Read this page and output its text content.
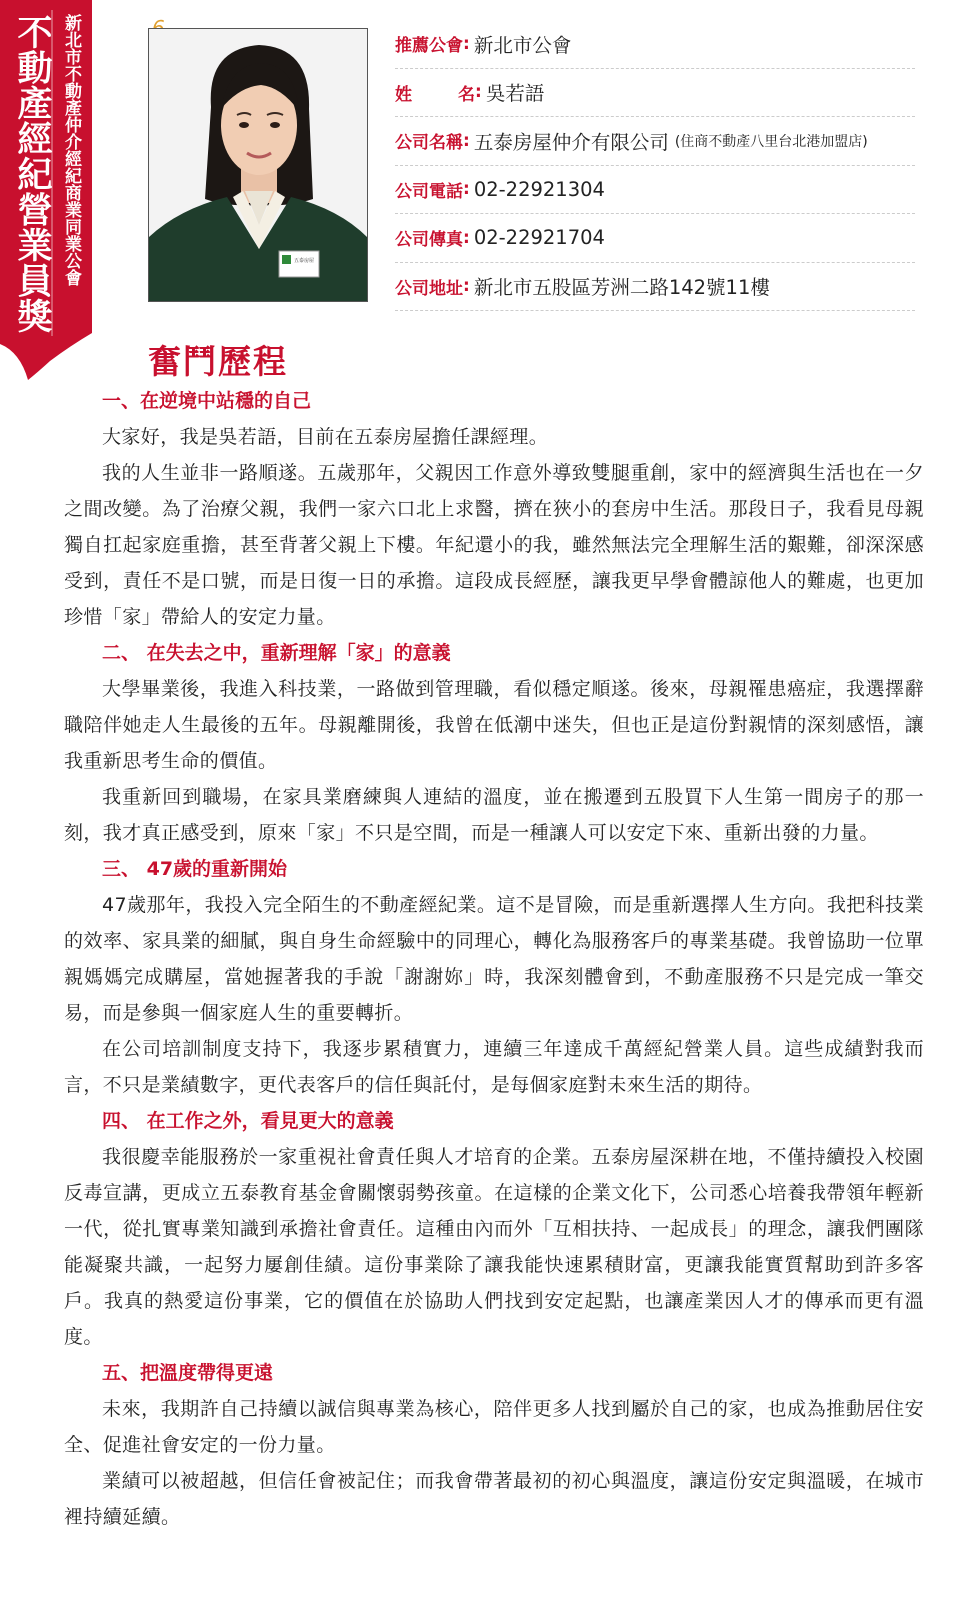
不動產經紀營業員獎 新北市不動產仲介經紀商業同業公會	五泰房屋
推薦公會 : 新北市公會
姓	名 : 吳若語
公司名稱 : 五泰房屋仲介有限公司 (住商不動產八里台北港加盟店)
公司電話 : 02-22921304
公司傳真 : 02-22921704
公司地址 : 新北市五股區芳洲二路142號11樓
奮鬥歷程
一、在逆境中站穩的自己

大家好，我是吳若語，目前在五泰房屋擔任課經理。

我的人生並非一路順遂。五歲那年，父親因工作意外導致雙腿重創，家中的經濟與生活也在一夕之間改變。為了治療父親，我們一家六口北上求醫，擠在狹小的套房中生活。那段日子，我看見母親獨自扛起家庭重擔，甚至背著父親上下樓。年紀還小的我，雖然無法完全理解生活的艱難，卻深深感受到，責任不是口號，而是日復一日的承擔。這段成長經歷，讓我更早學會體諒他人的難處，也更加珍惜「家」帶給人的安定力量。

二、 在失去之中，重新理解「家」的意義

大學畢業後，我進入科技業，一路做到管理職，看似穩定順遂。後來，母親罹患癌症，我選擇辭職陪伴她走人生最後的五年。母親離開後，我曾在低潮中迷失，但也正是這份對親情的深刻感悟，讓我重新思考生命的價值。

我重新回到職場，在家具業磨練與人連結的溫度，並在搬遷到五股買下人生第一間房子的那一刻，我才真正感受到，原來「家」不只是空間，而是一種讓人可以安定下來、重新出發的力量。

三、 47歲的重新開始

47歲那年，我投入完全陌生的不動產經紀業。這不是冒險，而是重新選擇人生方向。我把科技業的效率、家具業的細膩，與自身生命經驗中的同理心，轉化為服務客戶的專業基礎。我曾協助一位單親媽媽完成購屋，當她握著我的手說「謝謝妳」時，我深刻體會到，不動產服務不只是完成一筆交易，而是參與一個家庭人生的重要轉折。

在公司培訓制度支持下，我逐步累積實力，連續三年達成千萬經紀營業人員。這些成績對我而言，不只是業績數字，更代表客戶的信任與託付，是每個家庭對未來生活的期待。

四、 在工作之外，看見更大的意義

我很慶幸能服務於一家重視社會責任與人才培育的企業。五泰房屋深耕在地，不僅持續投入校園反毒宣講，更成立五泰教育基金會關懷弱勢孩童。在這樣的企業文化下，公司悉心培養我帶領年輕新一代，從扎實專業知識到承擔社會責任。這種由內而外「互相扶持、一起成長」的理念，讓我們團隊能凝聚共識，一起努力屢創佳績。這份事業除了讓我能快速累積財富，更讓我能實質幫助到許多客戶。我真的熱愛這份事業，它的價值在於協助人們找到安定起點，也讓產業因人才的傳承而更有溫度。

五、把溫度帶得更遠

未來，我期許自己持續以誠信與專業為核心，陪伴更多人找到屬於自己的家，也成為推動居住安全、促進社會安定的一份力量。

業績可以被超越，但信任會被記住；而我會帶著最初的初心與溫度，讓這份安定與溫暖，在城市裡持續延續。
